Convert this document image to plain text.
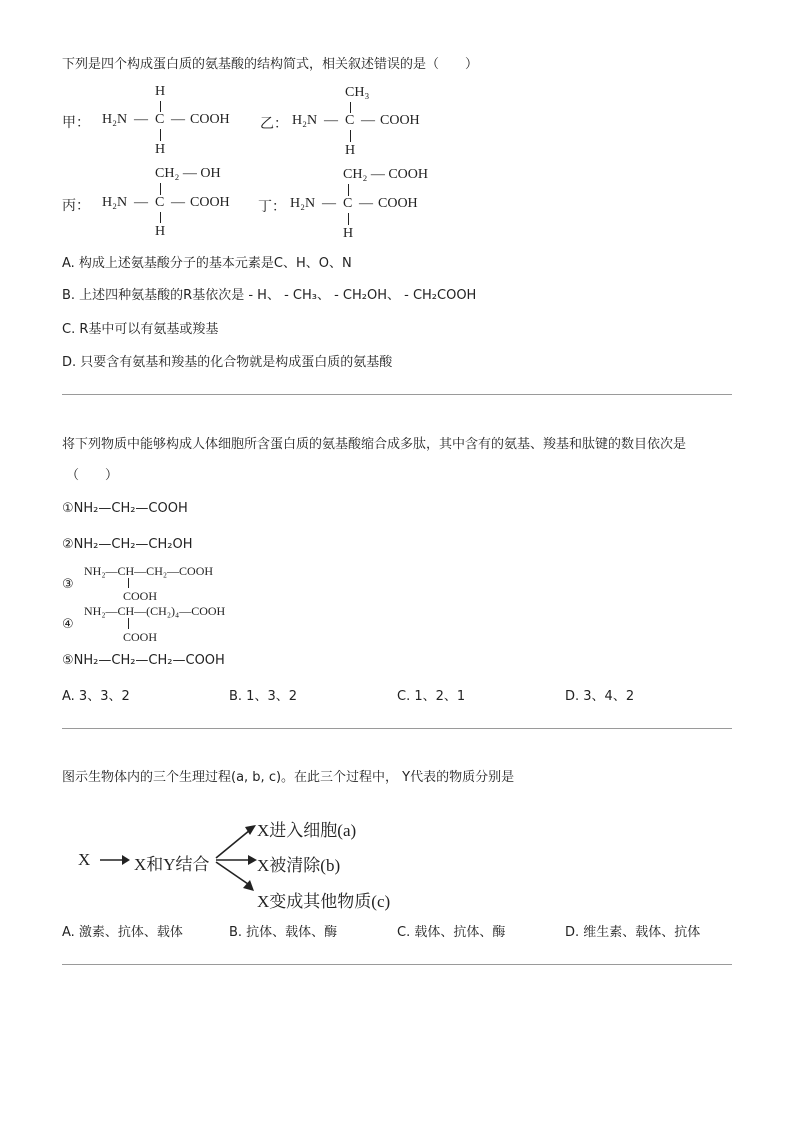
下列是四个构成蛋白质的氨基酸的结构简式，相关叙述错误的是（　　）
甲： H₂N — C — COOH
H
H
乙： H₂N — C — COOH
CH₃
H
丙： H₂N — C — COOH
CH₂ — OH
H
丁： H₂N — C — COOH
CH₂ — COOH
H
A. 构成上述氨基酸分子的基本元素是C、H、O、N
B. 上述四种氨基酸的R基依次是 - H、 - CH₃、 - CH₂OH、 - CH₂COOH
C. R基中可以有氨基或羧基
D. 只要含有氨基和羧基的化合物就是构成蛋白质的氨基酸
将下列物质中能够构成人体细胞所含蛋白质的氨基酸缩合成多肽，其中含有的氨基、羧基和肽键的数目依次是
（　　）
①NH₂—CH₂—COOH
②NH₂—CH₂—CH₂OH
③
NH₂—CH—CH₂—COOH
COOH
④
NH₂—CH—(CH₂)₄—COOH
COOH
⑤NH₂—CH₂—CH₂—COOH
A. 3、3、2	B. 1、3、2	C. 1、2、1	D. 3、4、2
图示生物体内的三个生理过程(a, b, c)。在此三个过程中， Y代表的物质分别是
X	X和Y结合
X进入细胞(a)
X被清除(b)
X变成其他物质(c)
A. 激素、抗体、载体	B. 抗体、载体、酶	C. 载体、抗体、酶	D. 维生素、载体、抗体
